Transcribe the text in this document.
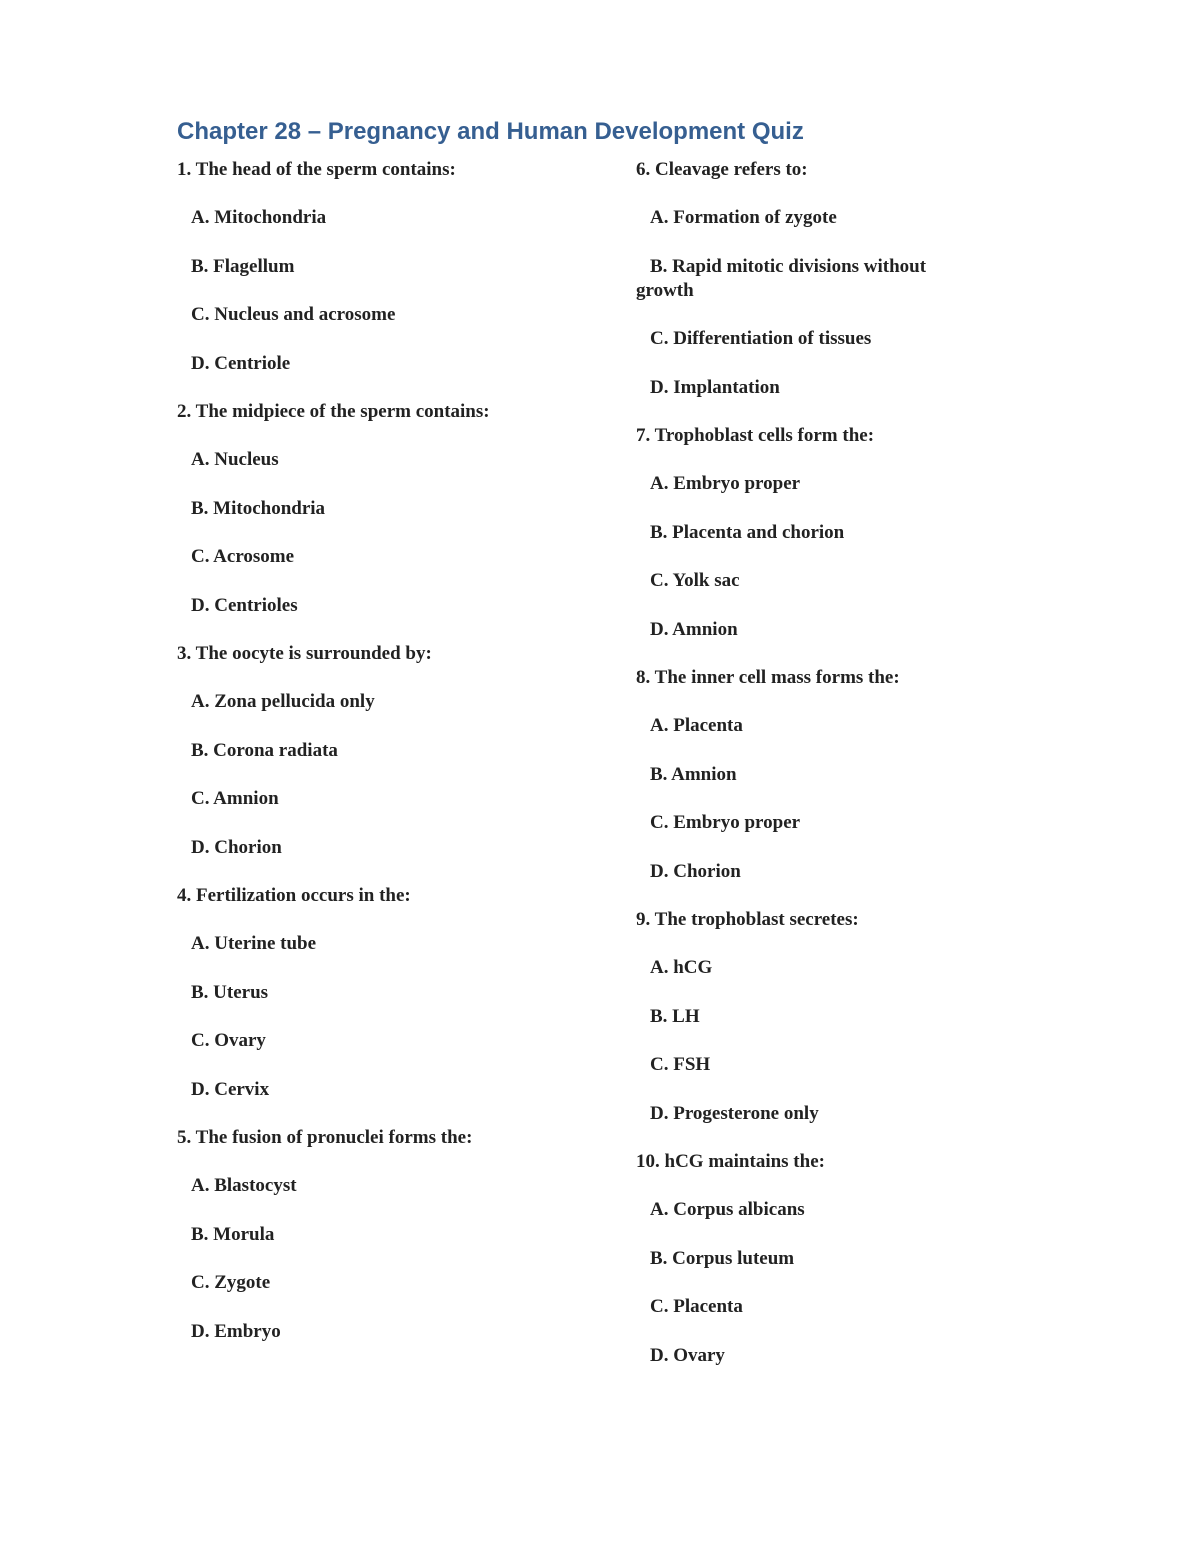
Chapter 28 – Pregnancy and Human Development Quiz

1. The head of the sperm contains:

A. Mitochondria

B. Flagellum

C. Nucleus and acrosome

D. Centriole

2. The midpiece of the sperm contains:

A. Nucleus

B. Mitochondria

C. Acrosome

D. Centrioles

3. The oocyte is surrounded by:

A. Zona pellucida only

B. Corona radiata

C. Amnion

D. Chorion

4. Fertilization occurs in the:

A. Uterine tube

B. Uterus

C. Ovary

D. Cervix

5. The fusion of pronuclei forms the:

A. Blastocyst

B. Morula

C. Zygote

D. Embryo

6. Cleavage refers to:

A. Formation of zygote

B. Rapid mitotic divisions without growth

C. Differentiation of tissues

D. Implantation

7. Trophoblast cells form the:

A. Embryo proper

B. Placenta and chorion

C. Yolk sac

D. Amnion

8. The inner cell mass forms the:

A. Placenta

B. Amnion

C. Embryo proper

D. Chorion

9. The trophoblast secretes:

A. hCG

B. LH

C. FSH

D. Progesterone only

10. hCG maintains the:

A. Corpus albicans

B. Corpus luteum

C. Placenta

D. Ovary
